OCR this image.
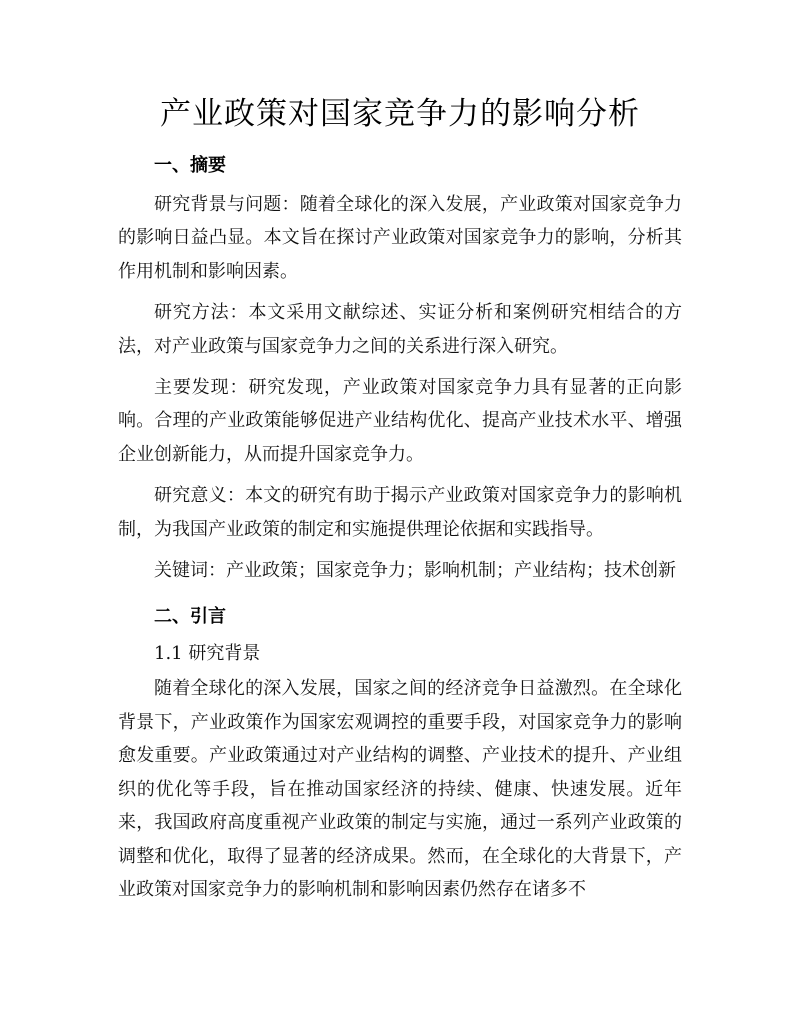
产业政策对国家竞争力的影响分析
一、摘要

研究背景与问题：随着全球化的深入发展，产业政策对国家竞争力的影响日益凸显。本文旨在探讨产业政策对国家竞争力的影响，分析其作用机制和影响因素。

研究方法：本文采用文献综述、实证分析和案例研究相结合的方法，对产业政策与国家竞争力之间的关系进行深入研究。

主要发现：研究发现，产业政策对国家竞争力具有显著的正向影响。合理的产业政策能够促进产业结构优化、提高产业技术水平、增强企业创新能力，从而提升国家竞争力。

研究意义：本文的研究有助于揭示产业政策对国家竞争力的影响机制，为我国产业政策的制定和实施提供理论依据和实践指导。

关键词：产业政策；国家竞争力；影响机制；产业结构；技术创新

二、引言
1.1 研究背景

随着全球化的深入发展，国家之间的经济竞争日益激烈。在全球化背景下，产业政策作为国家宏观调控的重要手段，对国家竞争力的影响愈发重要。产业政策通过对产业结构的调整、产业技术的提升、产业组织的优化等手段，旨在推动国家经济的持续、健康、快速发展。近年来，我国政府高度重视产业政策的制定与实施，通过一系列产业政策的调整和优化，取得了显著的经济成果。然而，在全球化的大背景下，产业政策对国家竞争力的影响机制和影响因素仍然存在诸多不
